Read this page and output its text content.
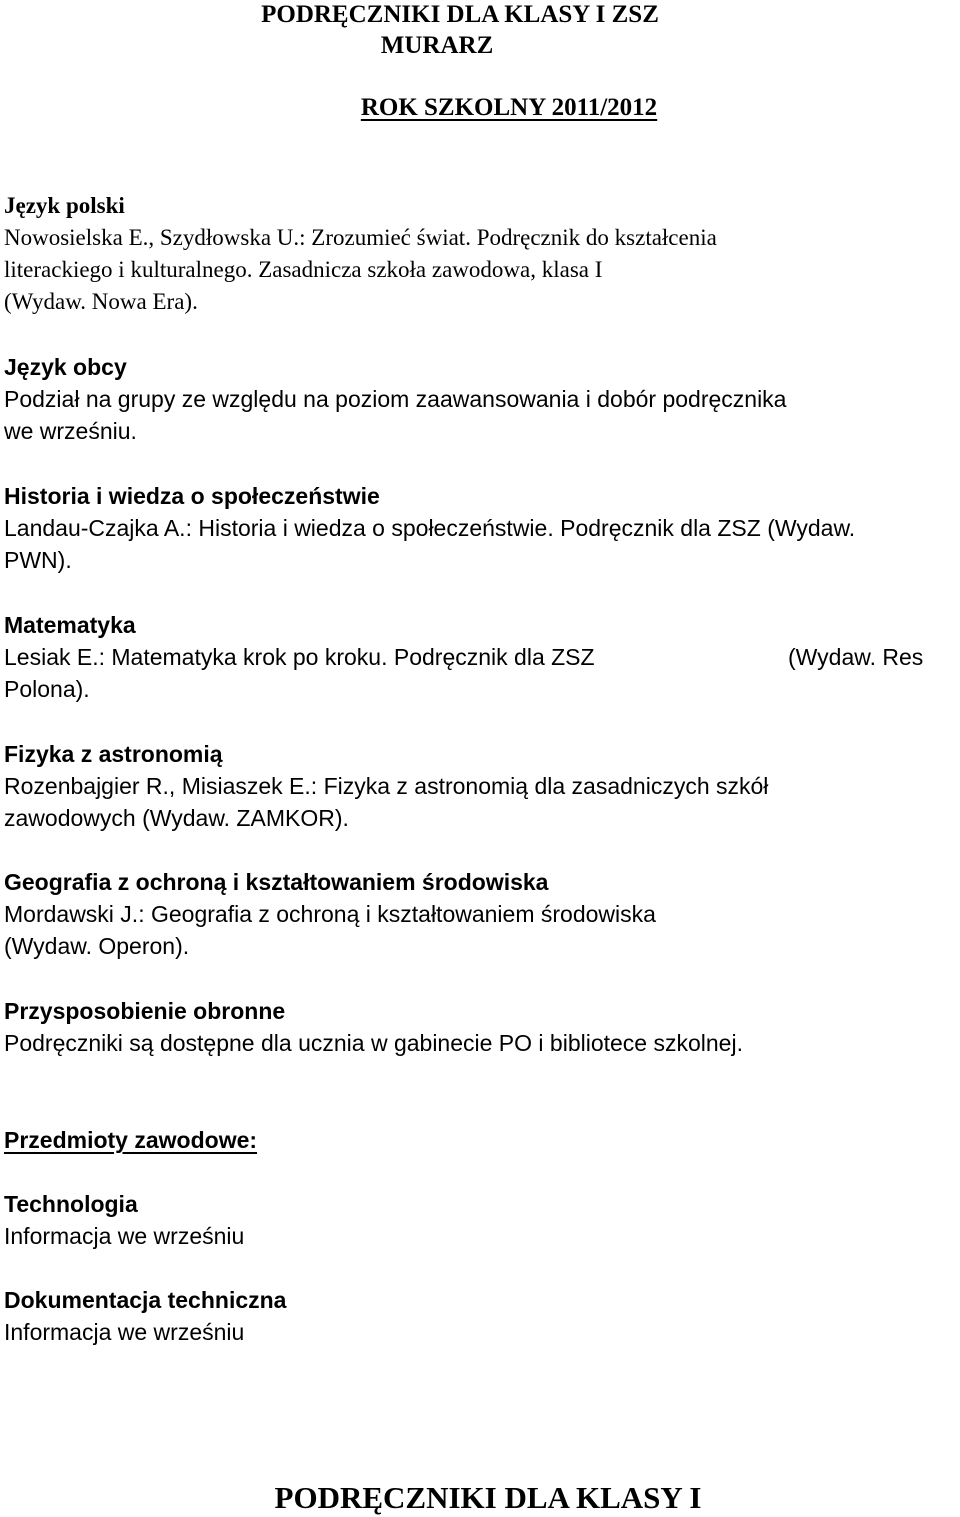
PODRĘCZNIKI DLA KLASY I ZSZ
MURARZ
ROK SZKOLNY 2011/2012
Język polski
Nowosielska E., Szydłowska U.: Zrozumieć świat. Podręcznik do kształcenia
literackiego i kulturalnego. Zasadnicza szkoła zawodowa, klasa I
(Wydaw. Nowa Era).
Język obcy
Podział na grupy ze względu na poziom zaawansowania i dobór podręcznika
we wrześniu.
Historia i wiedza o społeczeństwie
Landau-Czajka A.: Historia i wiedza o społeczeństwie. Podręcznik dla ZSZ (Wydaw.
PWN).
Matematyka
Lesiak E.: Matematyka krok po kroku. Podręcznik dla ZSZ	(Wydaw. Res
Polona).
Fizyka z astronomią
Rozenbajgier R., Misiaszek E.: Fizyka z astronomią dla zasadniczych szkół
zawodowych (Wydaw. ZAMKOR).
Geografia z ochroną i kształtowaniem środowiska
Mordawski J.: Geografia z ochroną i kształtowaniem środowiska
(Wydaw. Operon).
Przysposobienie obronne
Podręczniki są dostępne dla ucznia w gabinecie PO i bibliotece szkolnej.
Przedmioty zawodowe:
Technologia
Informacja we wrześniu
Dokumentacja techniczna
Informacja we wrześniu
PODRĘCZNIKI DLA KLASY I
